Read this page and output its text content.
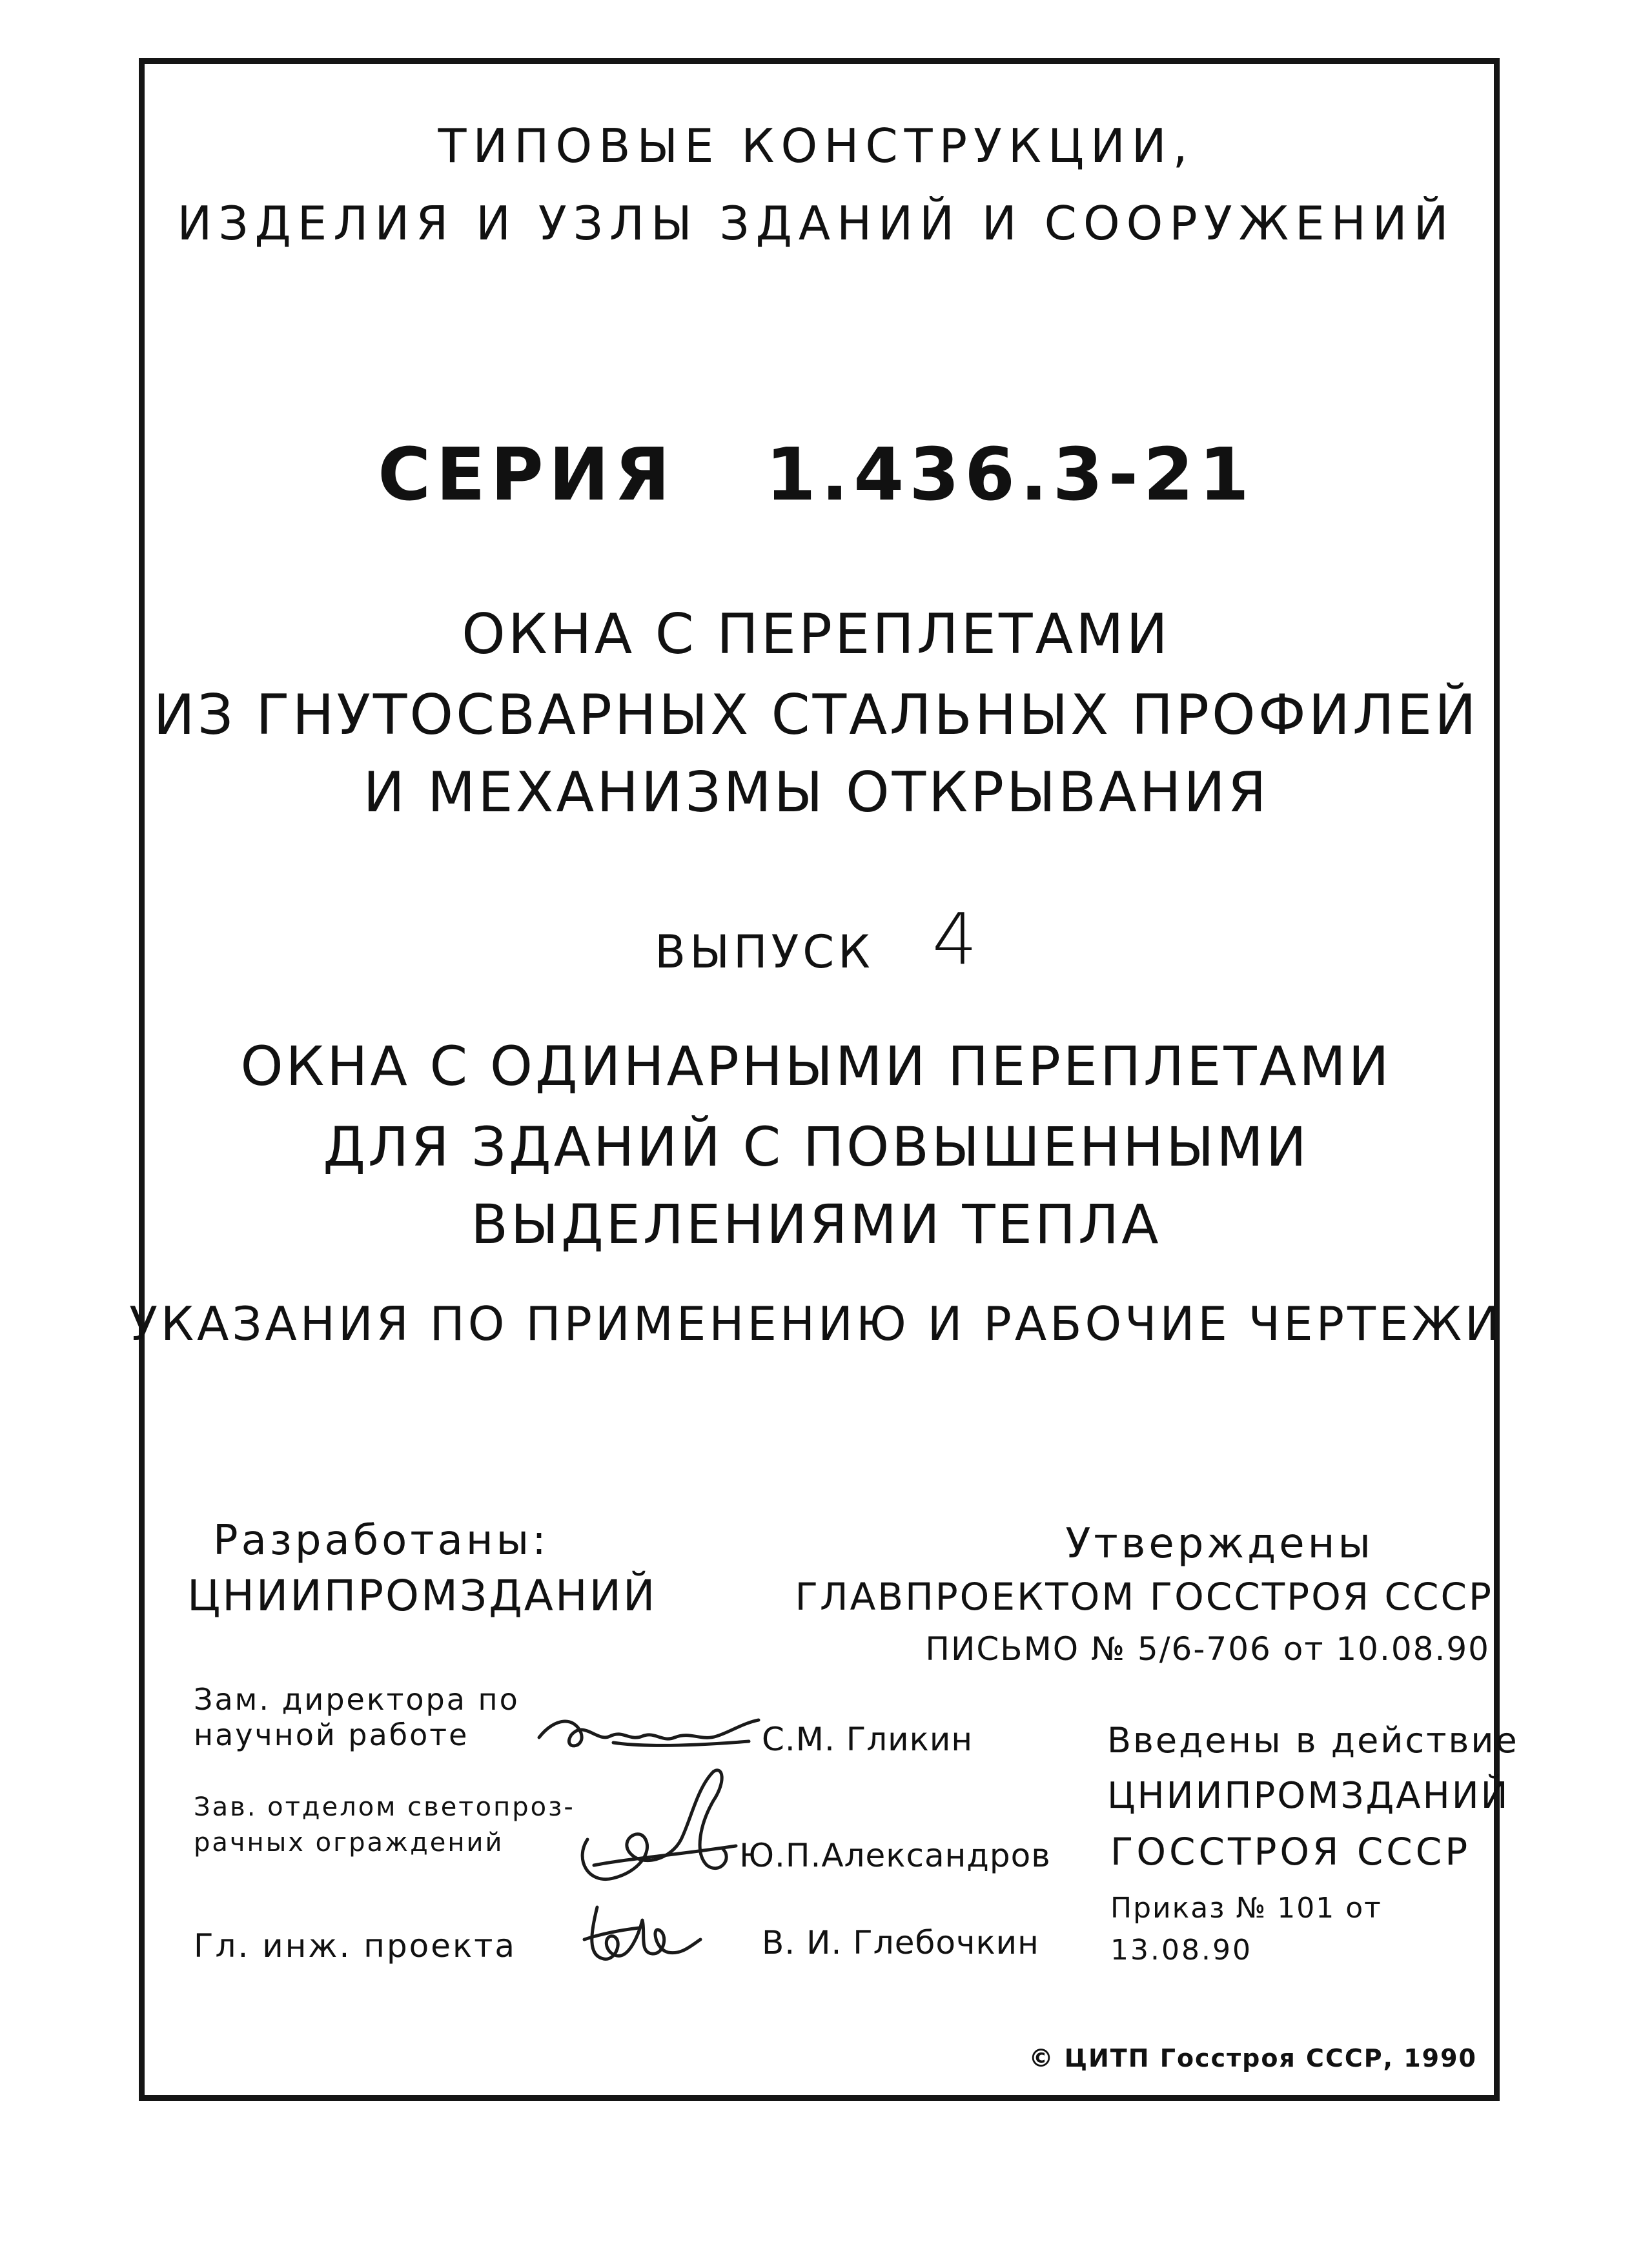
ТИПОВЫЕ КОНСТРУКЦИИ,
ИЗДЕЛИЯ И УЗЛЫ ЗДАНИЙ И СООРУЖЕНИЙ
СЕРИЯ 1.436.3-21
ОКНА С ПЕРЕПЛЕТАМИ
ИЗ ГНУТОСВАРНЫХ СТАЛЬНЫХ ПРОФИЛЕЙ
И МЕХАНИЗМЫ ОТКРЫВАНИЯ
ВЫПУСК 4
ОКНА С ОДИНАРНЫМИ ПЕРЕПЛЕТАМИ
ДЛЯ ЗДАНИЙ С ПОВЫШЕННЫМИ
ВЫДЕЛЕНИЯМИ ТЕПЛА
УКАЗАНИЯ ПО ПРИМЕНЕНИЮ И РАБОЧИЕ ЧЕРТЕЖИ
Разработаны:
ЦНИИПРОМЗДАНИЙ
Утверждены
ГЛАВПРОЕКТОМ ГОССТРОЯ СССР
ПИСЬМО № 5/6-706 от 10.08.90
Зам. директора по
научной работе	С.М. Гликин
Зав. отделом светопроз-
рачных ограждений	Ю.П.Александров
Гл. инж. проекта	В. И. Глебочкин
Введены в действие
ЦНИИПРОМЗДАНИЙ
ГОССТРОЯ СССР
Приказ № 101 от
13.08.90
© ЦИТП Госстроя СССР, 1990
